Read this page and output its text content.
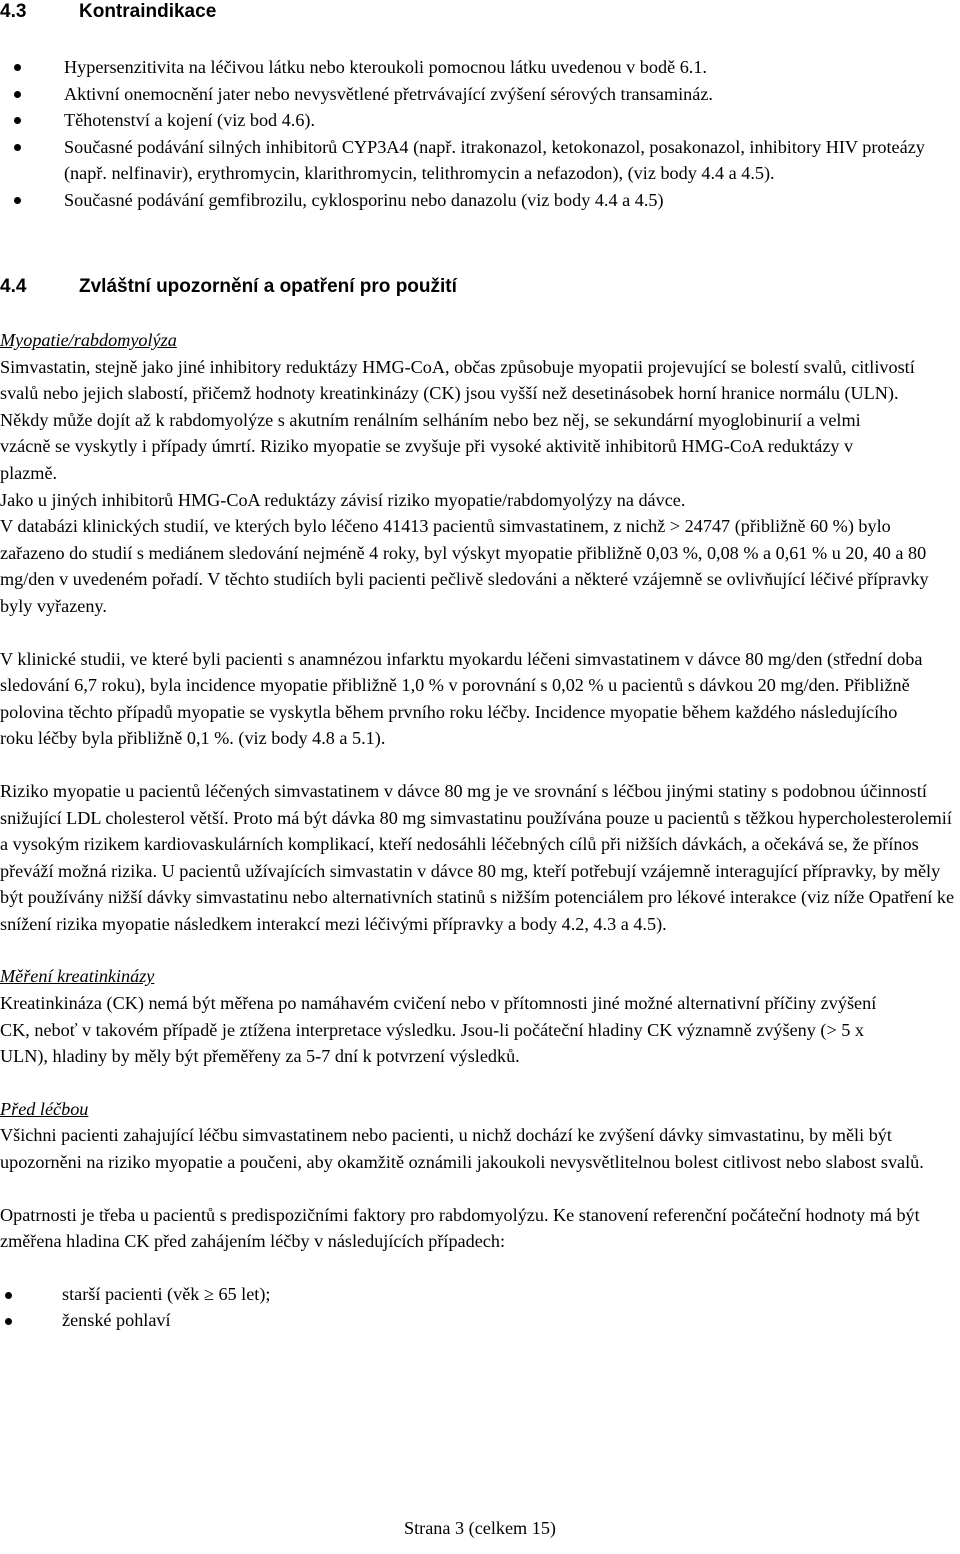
4.3	Kontraindikace
Hypersenzitivita na léčivou látku nebo kteroukoli pomocnou látku uvedenou v bodě 6.1.
Aktivní onemocnění jater nebo nevysvětlené přetrvávající zvýšení sérových transamináz.
Těhotenství a kojení (viz bod 4.6).
Současné podávání silných inhibitorů CYP3A4 (např. itrakonazol, ketokonazol, posakonazol, inhibitory HIV proteázy (např. nelfinavir), erythromycin, klarithromycin, telithromycin a nefazodon), (viz body 4.4 a 4.5).
Současné podávání gemfibrozilu, cyklosporinu nebo danazolu (viz body 4.4 a 4.5)
4.4	Zvláštní upozornění a opatření pro použití

Myopatie/rabdomyolýza

Simvastatin, stejně jako jiné inhibitory reduktázy HMG-CoA, občas způsobuje myopatii projevující se bolestí svalů, citlivostí svalů nebo jejich slabostí, přičemž hodnoty kreatinkinázy (CK) jsou vyšší než desetinásobek horní hranice normálu (ULN).

Někdy může dojít až k rabdomyolýze s akutním renálním selháním nebo bez něj, se sekundární myoglobinurií a velmi vzácně se vyskytly i případy úmrtí. Riziko myopatie se zvyšuje při vysoké aktivitě inhibitorů HMG-CoA reduktázy v plazmě.

Jako u jiných inhibitorů HMG-CoA reduktázy závisí riziko myopatie/rabdomyolýzy na dávce.

V databázi klinických studií, ve kterých bylo léčeno 41413 pacientů simvastatinem, z nichž > 24747 (přibližně 60 %) bylo zařazeno do studií s mediánem sledování nejméně 4 roky, byl výskyt myopatie přibližně 0,03 %, 0,08 % a 0,61 % u 20, 40 a 80 mg/den v uvedeném pořadí. V těchto studiích byli pacienti pečlivě sledováni a některé vzájemně se ovlivňující léčivé přípravky byly vyřazeny.

V klinické studii, ve které byli pacienti s anamnézou infarktu myokardu léčeni simvastatinem v dávce 80 mg/den (střední doba sledování 6,7 roku), byla incidence myopatie přibližně 1,0 % v porovnání s 0,02 % u pacientů s dávkou 20 mg/den. Přibližně polovina těchto případů myopatie se vyskytla během prvního roku léčby. Incidence myopatie během každého následujícího roku léčby byla přibližně 0,1 %. (viz body 4.8 a 5.1).

Riziko myopatie u pacientů léčených simvastatinem v dávce 80 mg je ve srovnání s léčbou jinými statiny s podobnou účinností snižující LDL cholesterol větší. Proto má být dávka 80 mg simvastatinu používána pouze u pacientů s těžkou hypercholesterolemií a vysokým rizikem kardiovaskulárních komplikací, kteří nedosáhli léčebných cílů při nižších dávkách, a očekává se, že přínos převáží možná rizika. U pacientů užívajících simvastatin v dávce 80 mg, kteří potřebují vzájemně interagující přípravky, by měly být používány nižší dávky simvastatinu nebo alternativních statinů s nižším potenciálem pro lékové interakce (viz níže Opatření ke snížení rizika myopatie následkem interakcí mezi léčivými přípravky a body 4.2, 4.3 a 4.5).

Měření kreatinkinázy

Kreatinkináza (CK) nemá být měřena po namáhavém cvičení nebo v přítomnosti jiné možné alternativní příčiny zvýšení CK, neboť v takovém případě je ztížena interpretace výsledku. Jsou-li počáteční hladiny CK významně zvýšeny (> 5 x ULN), hladiny by měly být přeměřeny za 5-7 dní k potvrzení výsledků.

Před léčbou

Všichni pacienti zahajující léčbu simvastatinem nebo pacienti, u nichž dochází ke zvýšení dávky simvastatinu, by měli být upozorněni na riziko myopatie a poučeni, aby okamžitě oznámili jakoukoli nevysvětlitelnou bolest citlivost nebo slabost svalů.

Opatrnosti je třeba u pacientů s predispozičními faktory pro rabdomyolýzu. Ke stanovení referenční počáteční hodnoty má být změřena hladina CK před zahájením léčby v následujících případech:

starší pacienti (věk ≥ 65 let);
ženské pohlaví
Strana 3 (celkem 15)
